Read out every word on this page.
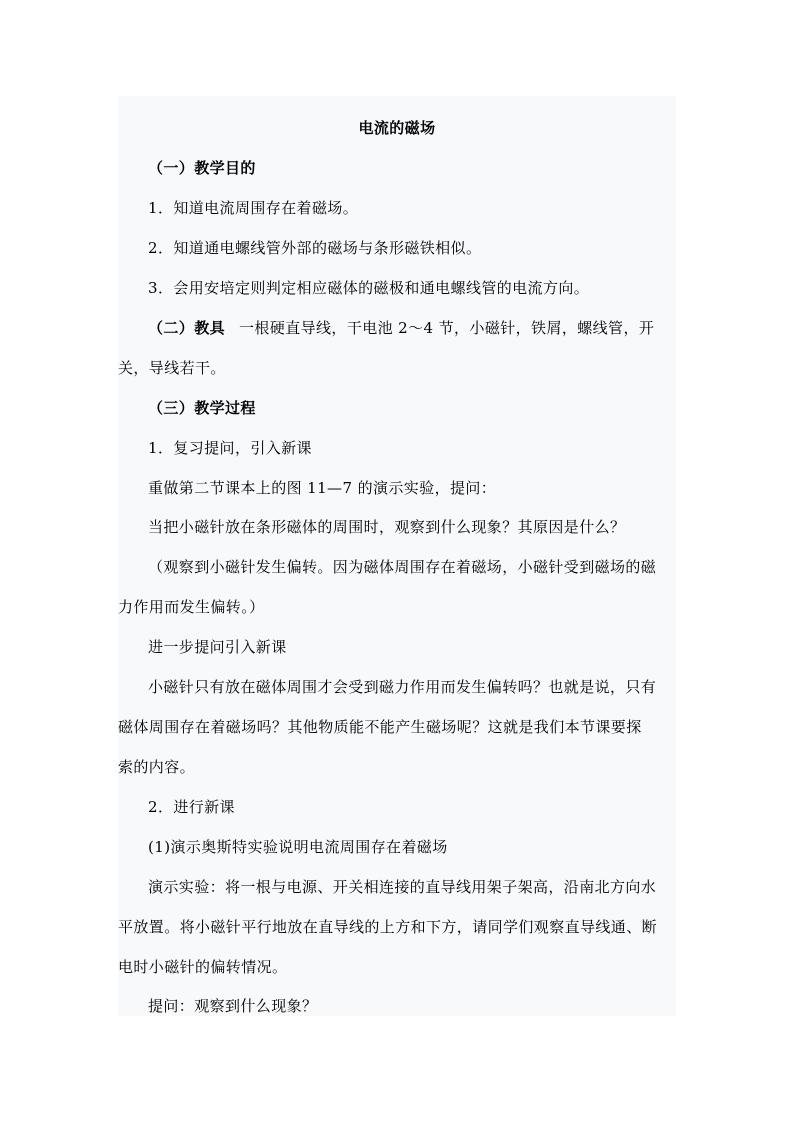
电流的磁场
（一）教学目的
1．知道电流周围存在着磁场。
2．知道通电螺线管外部的磁场与条形磁铁相似。
3．会用安培定则判定相应磁体的磁极和通电螺线管的电流方向。
（二）教具 一根硬直导线，干电池 2～4 节，小磁针，铁屑，螺线管，开
关，导线若干。
（三）教学过程
1．复习提问，引入新课
重做第二节课本上的图 11—7 的演示实验，提问：
当把小磁针放在条形磁体的周围时，观察到什么现象？其原因是什么？
（观察到小磁针发生偏转。因为磁体周围存在着磁场，小磁针受到磁场的磁
力作用而发生偏转。）
进一步提问引入新课
小磁针只有放在磁体周围才会受到磁力作用而发生偏转吗？也就是说，只有
磁体周围存在着磁场吗？其他物质能不能产生磁场呢？这就是我们本节课要探
索的内容。
2．进行新课
(1)演示奥斯特实验说明电流周围存在着磁场
演示实验：将一根与电源、开关相连接的直导线用架子架高，沿南北方向水
平放置。将小磁针平行地放在直导线的上方和下方，请同学们观察直导线通、断
电时小磁针的偏转情况。
提问：观察到什么现象？
